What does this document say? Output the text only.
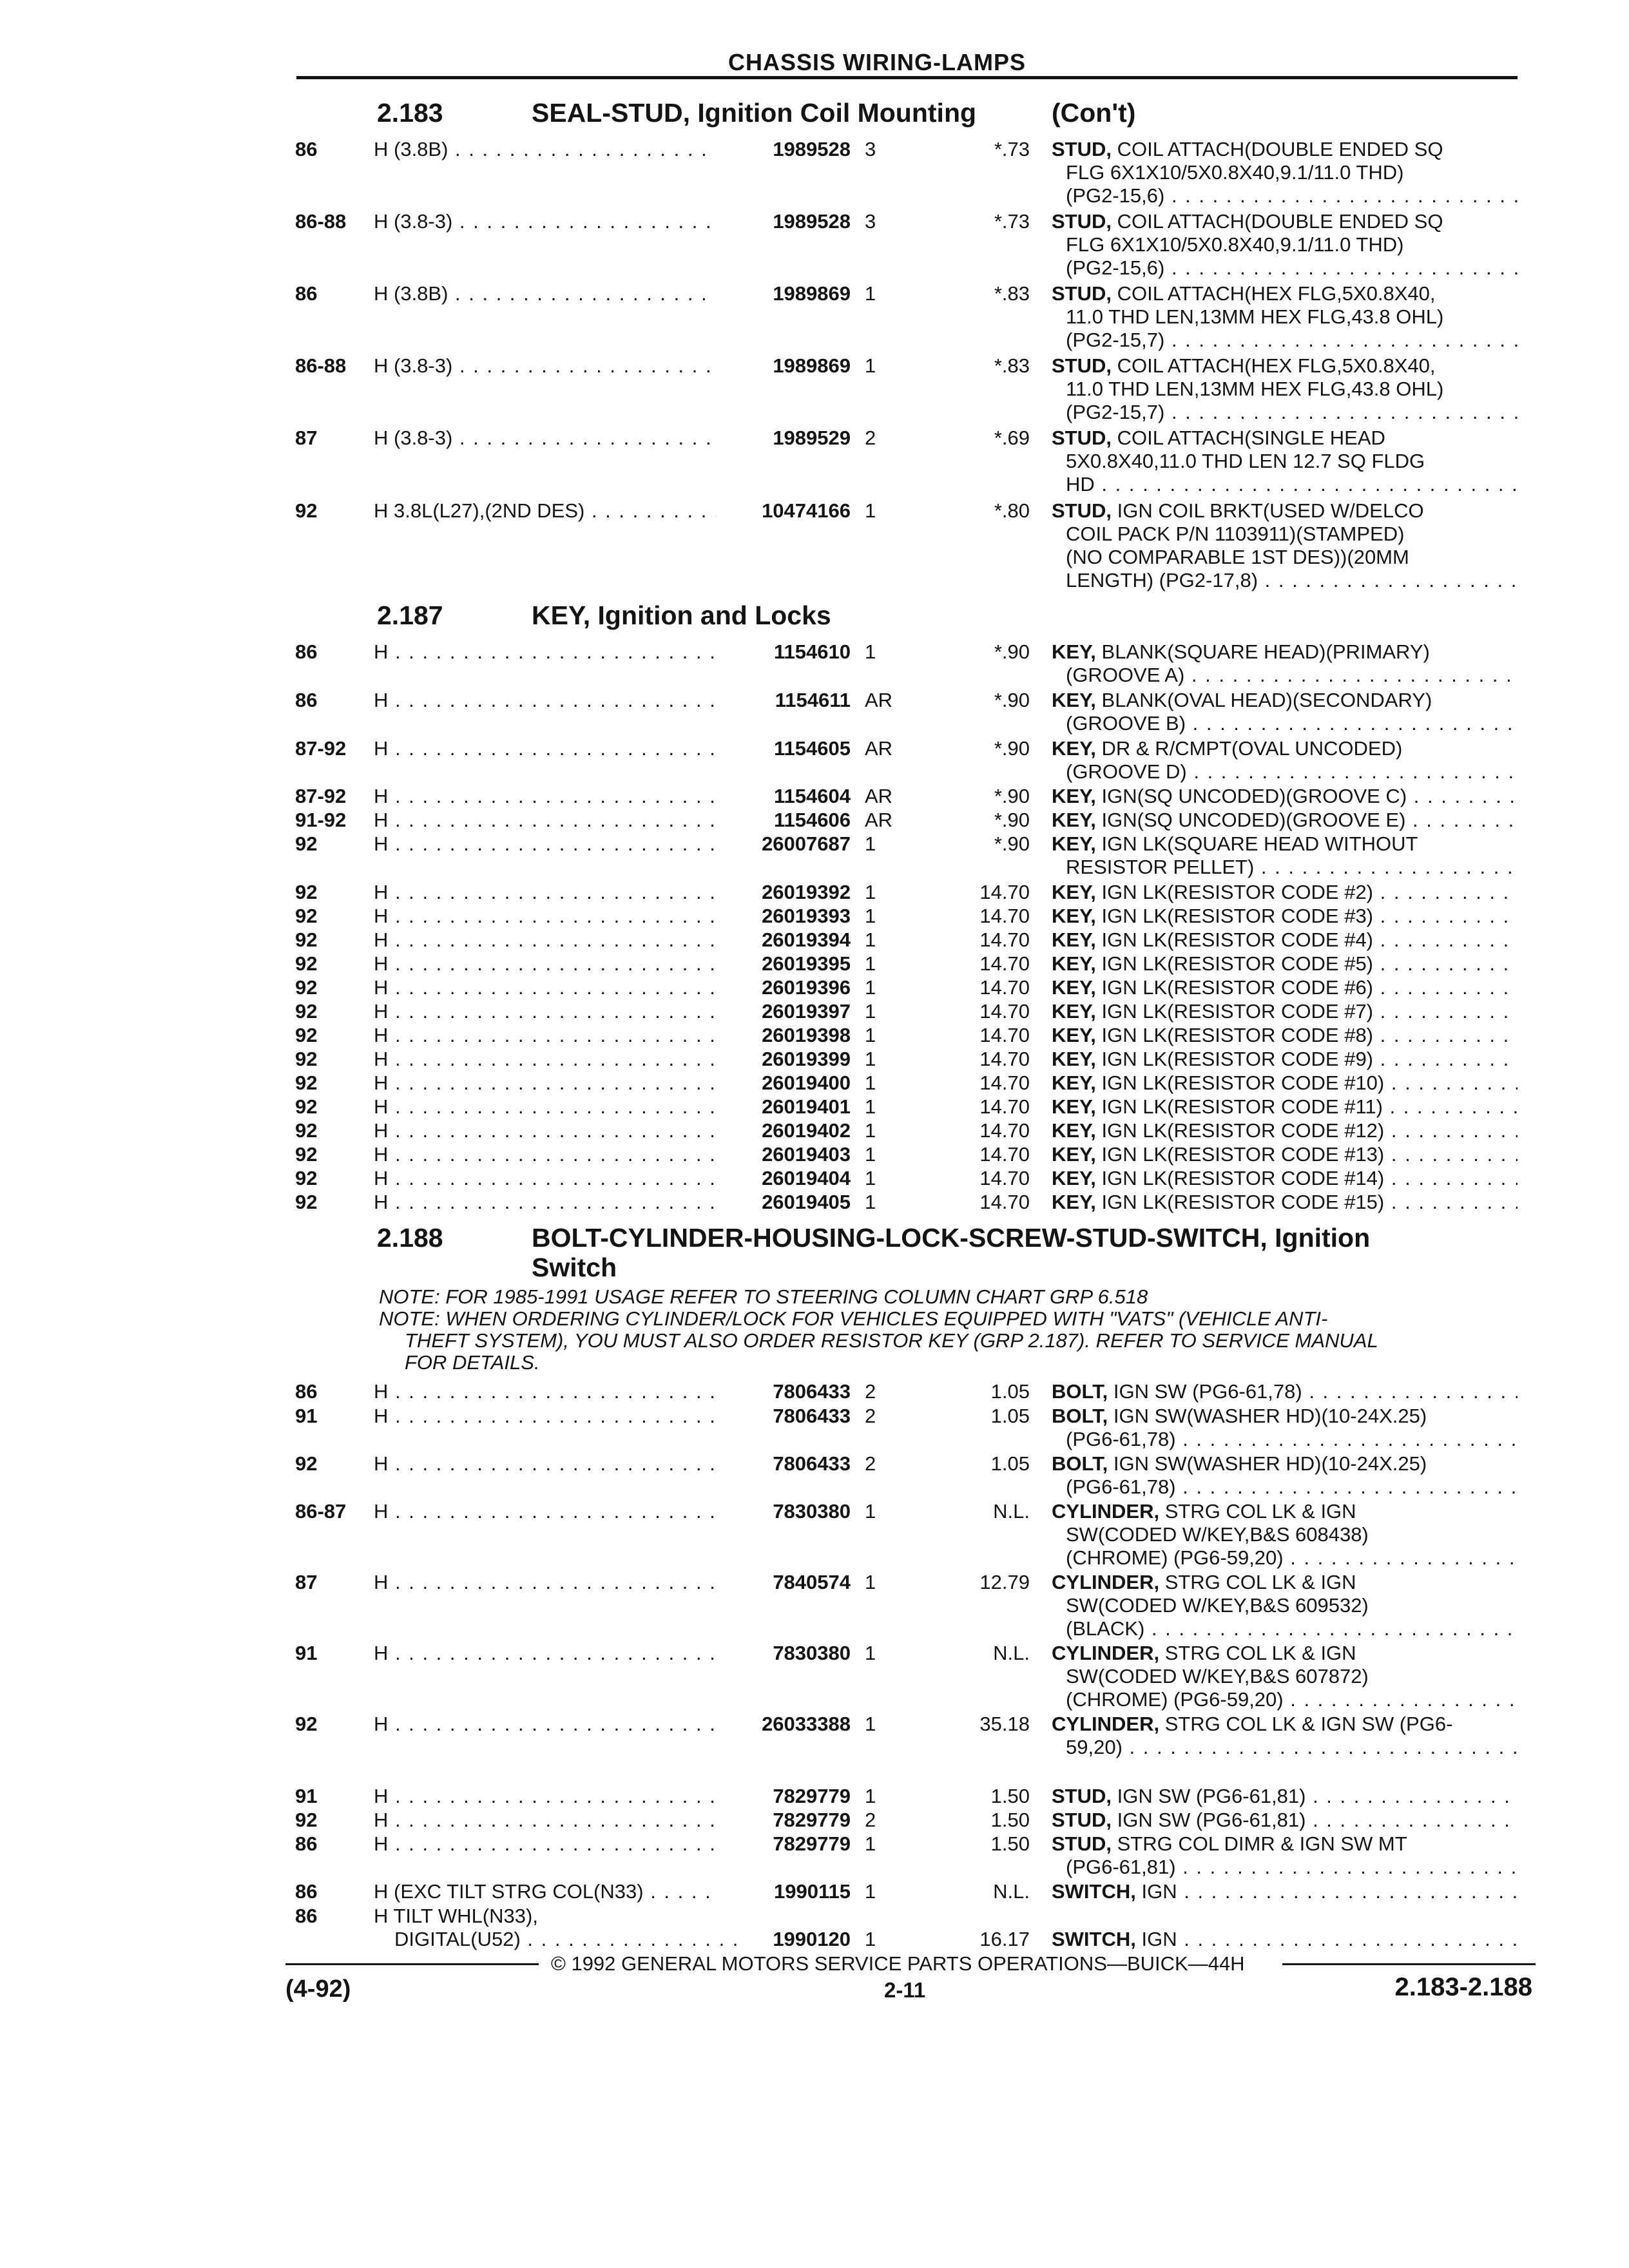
CHASSIS WIRING-LAMPS
2.183	SEAL-STUD, Ignition Coil Mounting	(Con't)
86	H (3.8B) . . .	1989528 3	*.73 STUD, COIL ATTACH(DOUBLE ENDED SQ
FLG 6X1X10/5X0.8X40,9.1/11.0 THD)
(PG2-15,6) . . .
86-88 H (3.8-3) . . .	1989528 3	*.73 STUD, COIL ATTACH(DOUBLE ENDED SQ
FLG 6X1X10/5X0.8X40,9.1/11.0 THD)
(PG2-15,6) . . .
86	H (3.8B) . . .	1989869 1	*.83 STUD, COIL ATTACH(HEX FLG,5X0.8X40,
11.0 THD LEN,13MM HEX FLG,43.8 OHL)
(PG2-15,7) . . .
86-88 H (3.8-3) . . .	1989869 1	*.83 STUD, COIL ATTACH(HEX FLG,5X0.8X40,
11.0 THD LEN,13MM HEX FLG,43.8 OHL)
(PG2-15,7) . . .
87	H (3.8-3) . . .	1989529 2	*.69 STUD, COIL ATTACH(SINGLE HEAD
5X0.8X40,11.0 THD LEN 12.7 SQ FLDG
HD . . .
92	H 3.8L(L27),(2ND DES) . . .	10474166 1	*.80 STUD, IGN COIL BRKT(USED W/DELCO
COIL PACK P/N 1103911)(STAMPED)
(NO COMPARABLE 1ST DES))(20MM
LENGTH) (PG2-17,8) . . .
2.187	KEY, Ignition and Locks
86	H . . .	1154610 1	*.90 KEY, BLANK(SQUARE HEAD)(PRIMARY)
(GROOVE A) . . .
86	H . . .	1154611 AR	*.90 KEY, BLANK(OVAL HEAD)(SECONDARY)
(GROOVE B) . . .
87-92 H . . .	1154605 AR	*.90 KEY, DR & R/CMPT(OVAL UNCODED)
(GROOVE D) . . .
87-92 H . . .	1154604 AR	*.90 KEY, IGN(SQ UNCODED)(GROOVE C) . . .
91-92 H . . .	1154606 AR	*.90 KEY, IGN(SQ UNCODED)(GROOVE E) . . .
92	H . . .	26007687 1	*.90 KEY, IGN LK(SQUARE HEAD WITHOUT
RESISTOR PELLET) . . .
92	H . . .	26019392 1	14.70 KEY, IGN LK(RESISTOR CODE #2) . . .
92	H . . .	26019393 1	14.70 KEY, IGN LK(RESISTOR CODE #3) . . .
92	H . . .	26019394 1	14.70 KEY, IGN LK(RESISTOR CODE #4) . . .
92	H . . .	26019395 1	14.70 KEY, IGN LK(RESISTOR CODE #5) . . .
92	H . . .	26019396 1	14.70 KEY, IGN LK(RESISTOR CODE #6) . . .
92	H . . .	26019397 1	14.70 KEY, IGN LK(RESISTOR CODE #7) . . .
92	H . . .	26019398 1	14.70 KEY, IGN LK(RESISTOR CODE #8) . . .
92	H . . .	26019399 1	14.70 KEY, IGN LK(RESISTOR CODE #9) . . .
92	H . . .	26019400 1	14.70 KEY, IGN LK(RESISTOR CODE #10) . . .
92	H . . .	26019401 1	14.70 KEY, IGN LK(RESISTOR CODE #11) . . .
92	H . . .	26019402 1	14.70 KEY, IGN LK(RESISTOR CODE #12) . . .
92	H . . .	26019403 1	14.70 KEY, IGN LK(RESISTOR CODE #13) . . .
92	H . . .	26019404 1	14.70 KEY, IGN LK(RESISTOR CODE #14) . . .
92	H . . .	26019405 1	14.70 KEY, IGN LK(RESISTOR CODE #15) . . .
2.188	BOLT-CYLINDER-HOUSING-LOCK-SCREW-STUD-SWITCH, Ignition
Switch
NOTE: FOR 1985-1991 USAGE REFER TO STEERING COLUMN CHART GRP 6.518
NOTE: WHEN ORDERING CYLINDER/LOCK FOR VEHICLES EQUIPPED WITH "VATS" (VEHICLE ANTI-
THEFT SYSTEM), YOU MUST ALSO ORDER RESISTOR KEY (GRP 2.187). REFER TO SERVICE MANUAL
FOR DETAILS.
86	H . . .	7806433 2	1.05 BOLT, IGN SW (PG6-61,78) . . .
91	H . . .	7806433 2	1.05 BOLT, IGN SW(WASHER HD)(10-24X.25)
(PG6-61,78) . . .
92	H . . .	7806433 2	1.05 BOLT, IGN SW(WASHER HD)(10-24X.25)
(PG6-61,78) . . .
86-87 H . . .	7830380 1	N.L. CYLINDER, STRG COL LK & IGN
SW(CODED W/KEY,B&S 608438)
(CHROME) (PG6-59,20) . . .
87	H . . .	7840574 1	12.79 CYLINDER, STRG COL LK & IGN
SW(CODED W/KEY,B&S 609532)
(BLACK) . . .
91	H . . .	7830380 1	N.L. CYLINDER, STRG COL LK & IGN
SW(CODED W/KEY,B&S 607872)
(CHROME) (PG6-59,20) . . .
92	H . . .	26033388 1	35.18 CYLINDER, STRG COL LK & IGN SW (PG6-
59,20) . . .
91	H . . .	7829779 1	1.50 STUD, IGN SW (PG6-61,81) . . .
92	H . . .	7829779 2	1.50 STUD, IGN SW (PG6-61,81) . . .
86	H . . .	7829779 1	1.50 STUD, STRG COL DIMR & IGN SW MT
(PG6-61,81) . . .
86	H (EXC TILT STRG COL(N33) . . .	1990115 1	N.L. SWITCH, IGN . . .
86	H TILT WHL(N33),
DIGITAL(U52) . . .	1990120 1	16.17 SWITCH, IGN . . .
© 1992 GENERAL MOTORS SERVICE PARTS OPERATIONS—BUICK—44H
(4-92)	2-11	2.183-2.188
